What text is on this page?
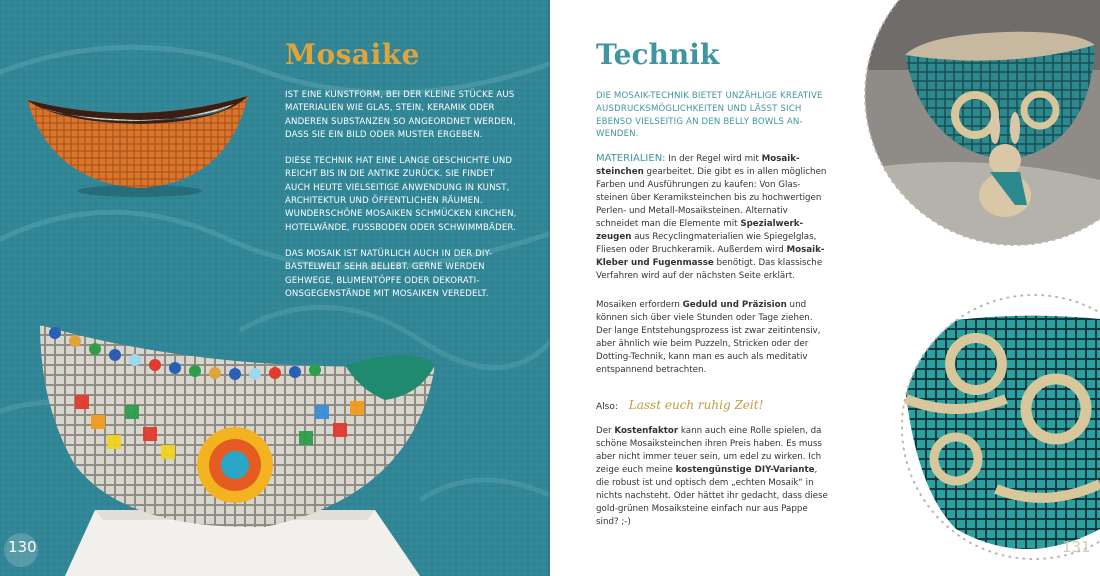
Mosaike

IST EINE KUNSTFORM, BEI DER KLEINE STÜCKE AUS MATERIALIEN WIE GLAS, STEIN, KERAMIK ODER ANDEREN SUBSTANZEN SO ANGEORDNET WERDEN, DASS SIE EIN BILD ODER MUSTER ERGEBEN.

DIESE TECHNIK HAT EINE LANGE GESCHICHTE UND REICHT BIS IN DIE ANTIKE ZURÜCK. SIE FINDET AUCH HEUTE VIELSEITIGE ANWENDUNG IN KUNST, ARCHITEKTUR UND ÖFFENTLICHEN RÄUMEN. WUNDERSCHÖNE MOSAIKEN SCHMÜCKEN KIRCHEN, HOTELWÄNDE, FUSSBODEN ODER SCHWIMMBÄDER.

DAS MOSAIK IST NATÜRLICH AUCH IN DER DIY-BASTELWELT SEHR BELIEBT. GERNE WERDEN GEHWEGE, BLUMENTÖPFE ODER DEKORATIONSGEGENSTÄNDE MIT MOSAIKEN VEREDELT.

130
Technik
DIE MOSAIK-TECHNIK BIETET UNZÄHLIGE KREATIVE AUSDRUCKSMÖGLICHKEITEN UND LÄSST SICH EBENSO VIELSEITIG AN DEN BELLY BOWLS ANWENDEN.
MATERIALIEN: In der Regel wird mit Mosaiksteinchen gearbeitet. Die gibt es in allen möglichen Farben und Ausführungen zu kaufen: Von Glassteinen über Keramiksteinchen bis zu hochwertigen Perlen- und Metall-Mosaiksteinen. Alternativ schneidet man die Elemente mit Spezialwerkzeugen aus Recyclingmaterialien wie Spiegelglas, Fliesen oder Bruchkeramik. Außerdem wird Mosaik-Kleber und Fugenmasse benötigt. Das klassische Verfahren wird auf der nächsten Seite erklärt.
Mosaiken erfordern Geduld und Präzision und können sich über viele Stunden oder Tage ziehen. Der lange Entstehungsprozess ist zwar zeitintensiv, aber ähnlich wie beim Puzzeln, Stricken oder der Dotting-Technik, kann man es auch als meditativ entspannend betrachten.
Also: Lasst euch ruhig Zeit!
Der Kostenfaktor kann auch eine Rolle spielen, da schöne Mosaiksteinchen ihren Preis haben. Es muss aber nicht immer teuer sein, um edel zu wirken. Ich zeige euch meine kostengünstige DIY-Variante, die robust ist und optisch dem „echten Mosaik“ in nichts nachsteht. Oder hättet ihr gedacht, dass diese gold-grünen Mosaiksteine einfach nur aus Pappe sind? ;-)
131
